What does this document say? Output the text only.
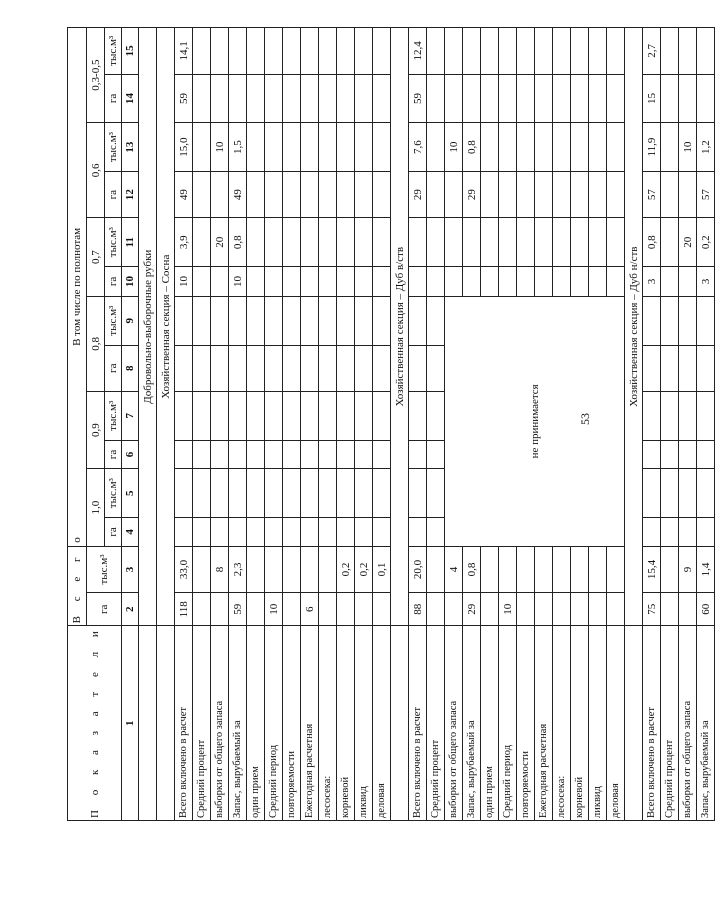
П о к а з а т е л и	В с е г о		В том числе по полнотам											
	га	тыс.м³	1,0		0,9		0,8		0,7		0,6		0,3-0,5	
			га	тыс.м³	га	тыс.м³	га	тыс.м³	га	тыс.м³	га	тыс.м³	га	тыс.м³
1	2	3	4	5	6	7	8	9	10	11	12	13	14	15
	Добровольно-выборочные рубки													
	Хозяйственная секция – Сосна													
Всего включено в расчет	118	33,0							10	3,9	49	15,0	59	14,1
Средний процент														
выборки от общего запаса		8								20		10		
Запас, вырубаемый за	59	2,3							10	0,8	49	1,5		
один прием														
Средний период	10													
повторяемости														
Ежегодная расчетная	6													
лесосека:														
корневой		0,2												
ликвид		0,2												
деловая		0,1												
	Хозяйственная секция – Дуб в/ств													
Всего включено в расчет	88	20,0									29	7,6	59	12,4
Средний процент														
выборки от общего запаса		4	не принимается									10		
Запас, вырубаемый за	29	0,8									29	0,8		
один прием														
Средний период	10													
повторяемости														
Ежегодная расчетная														
лесосека:														
корневой														
ликвид														
деловая														
	Хозяйственная секция – Дуб н/ств													
Всего включено в расчет	75	15,4							3	0,8	57	11,9	15	2,7
Средний процент														
выборки от общего запаса		9								20		10		
Запас, вырубаемый за	60	1,4							3	0,2	57	1,2		
53
